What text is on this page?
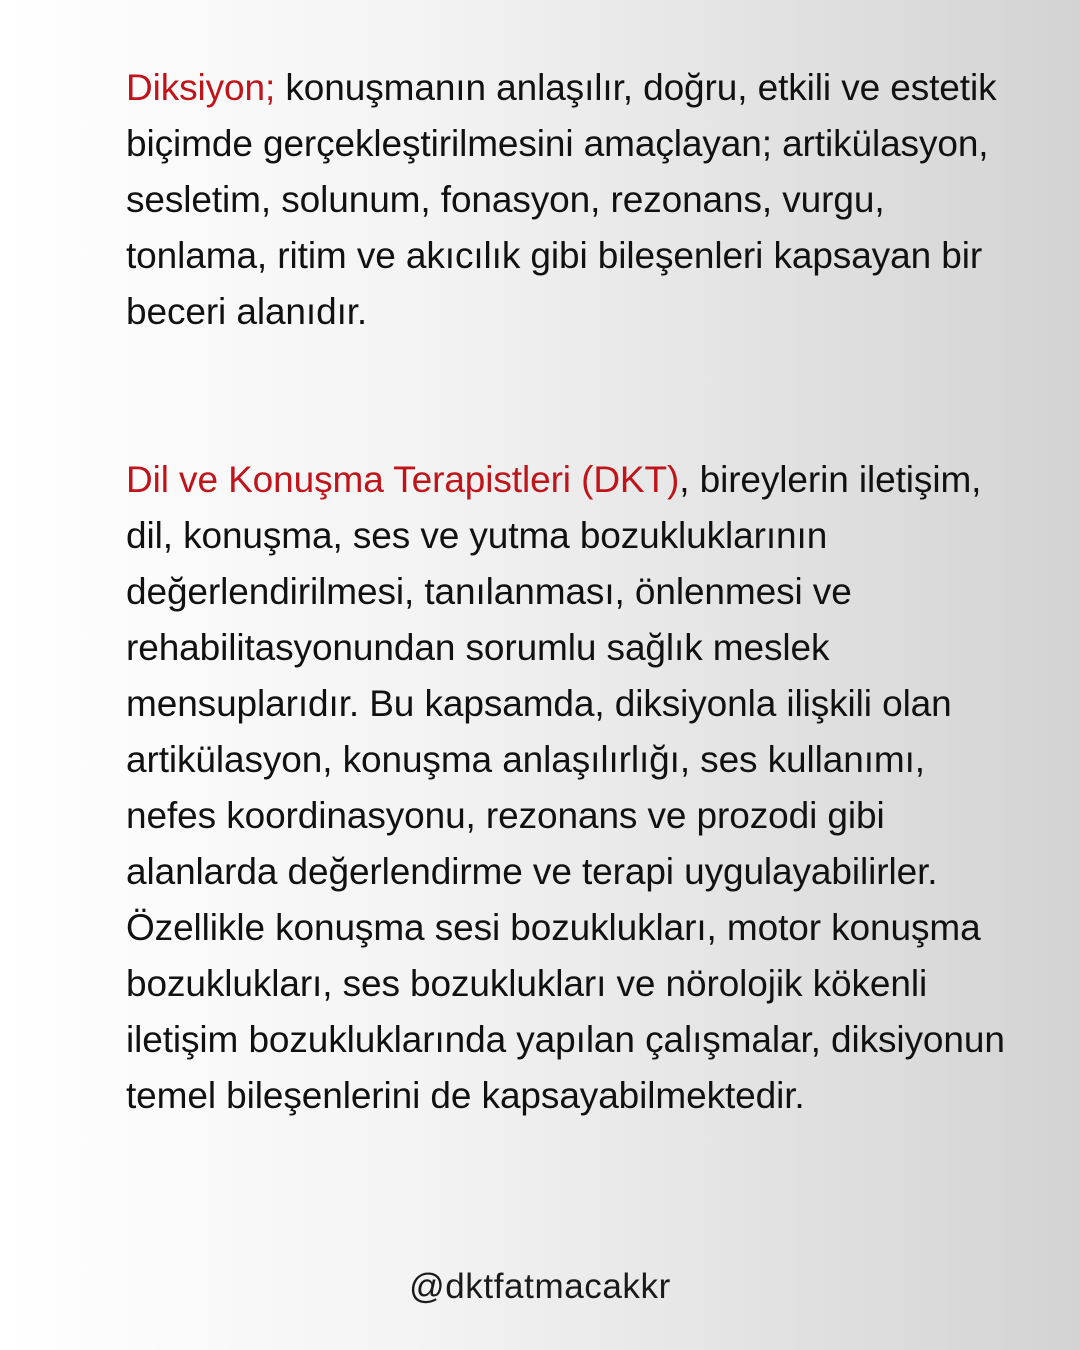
Diksiyon; konuşmanın anlaşılır, doğru, etkili ve estetik biçimde gerçekleştirilmesini amaçlayan; artikülasyon, sesletim, solunum, fonasyon, rezonans, vurgu, tonlama, ritim ve akıcılık gibi bileşenleri kapsayan bir beceri alanıdır.

Dil ve Konuşma Terapistleri (DKT), bireylerin iletişim, dil, konuşma, ses ve yutma bozukluklarının değerlendirilmesi, tanılanması, önlenmesi ve rehabilitasyonundan sorumlu sağlık meslek mensuplarıdır. Bu kapsamda, diksiyonla ilişkili olan artikülasyon, konuşma anlaşılırlığı, ses kullanımı, nefes koordinasyonu, rezonans ve prozodi gibi alanlarda değerlendirme ve terapi uygulayabilirler. Özellikle konuşma sesi bozuklukları, motor konuşma bozuklukları, ses bozuklukları ve nörolojik kökenli iletişim bozukluklarında yapılan çalışmalar, diksiyonun temel bileşenlerini de kapsayabilmektedir.

@dktfatmacakkr
